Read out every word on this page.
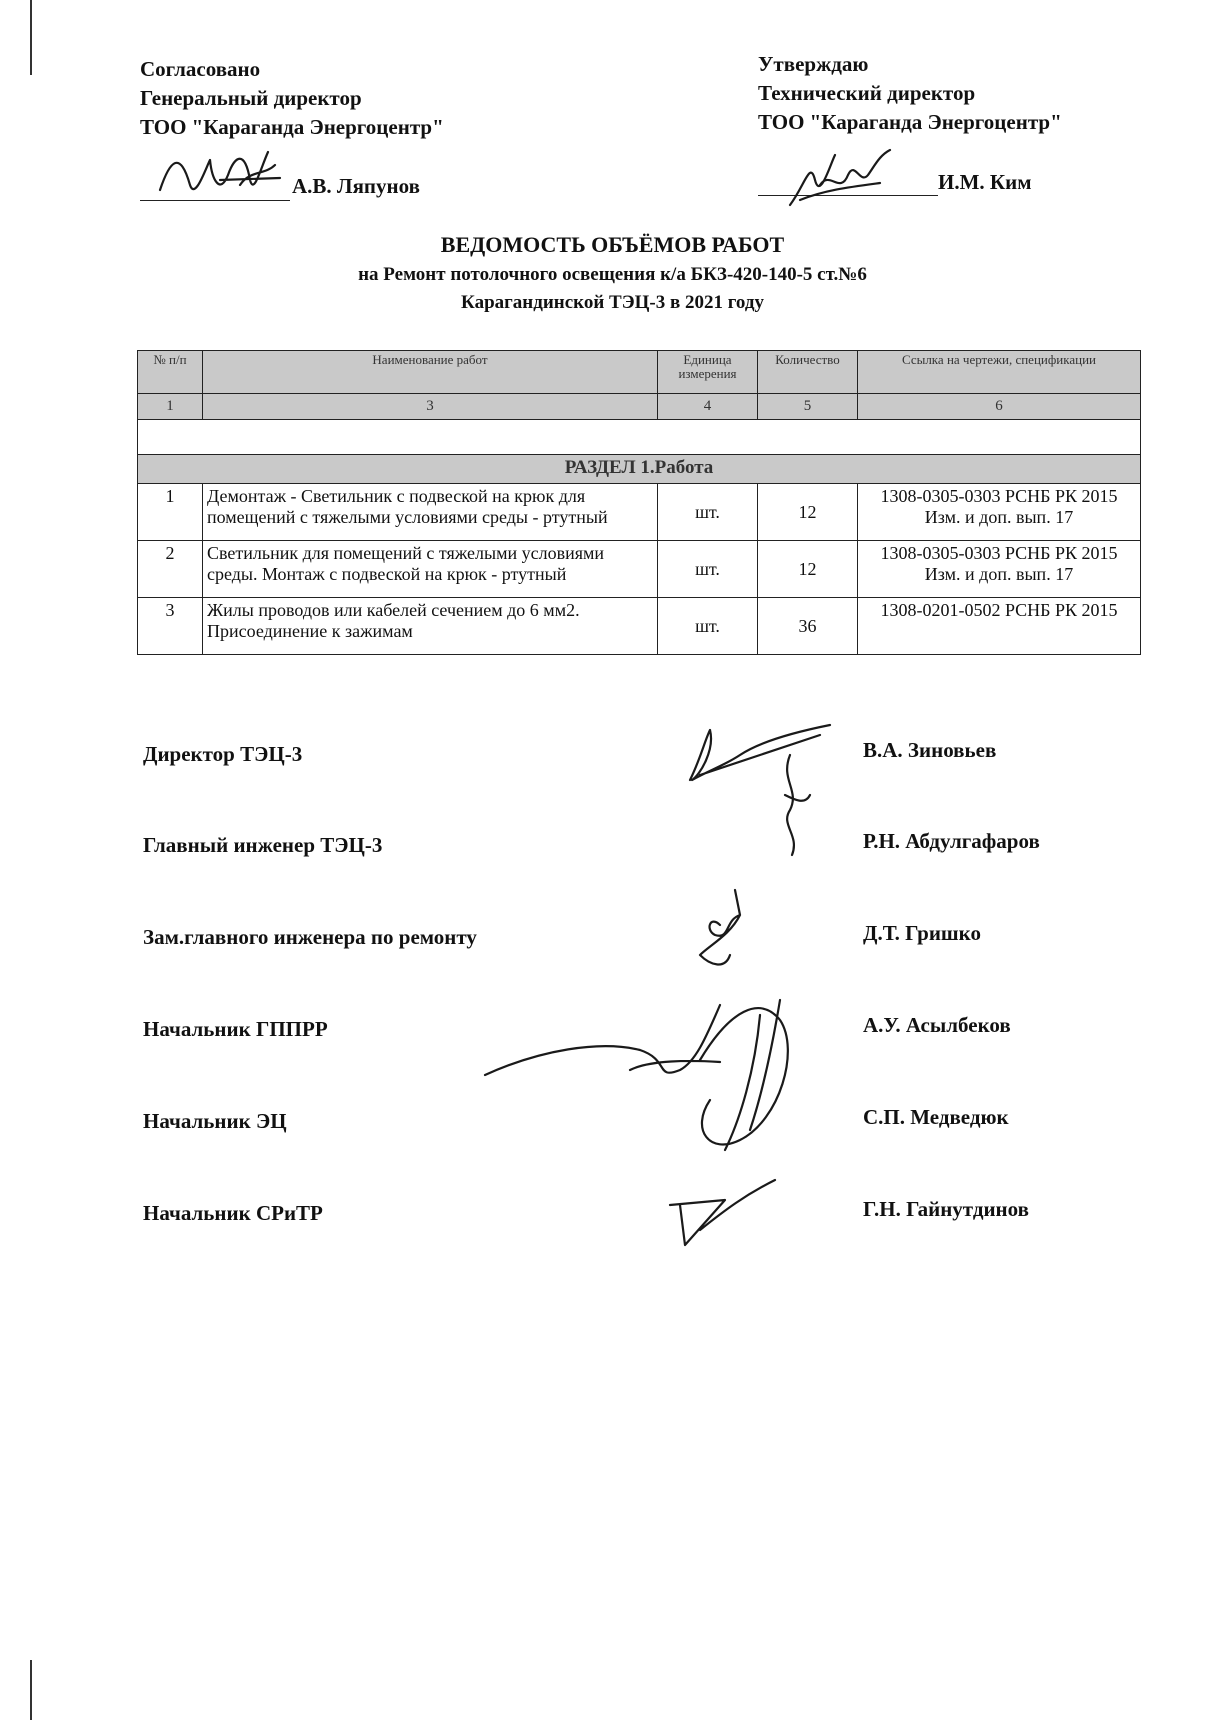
Согласовано
Генеральный директор
ТОО "Караганда Энергоцентр"
А.В. Ляпунов
Утверждаю
Технический директор
ТОО "Караганда Энергоцентр"
И.М. Ким
ВЕДОМОСТЬ ОБЪЁМОВ РАБОТ
на Ремонт потолочного освещения к/а БКЗ-420-140-5 ст.№6
Карагандинской ТЭЦ-3 в 2021 году
№ п/п	Наименование работ	Единица измерения	Количество	Ссылка на чертежи, спецификации
1	3	4	5	6

РАЗДЕЛ 1.Работа				
1	Демонтаж - Светильник с подвеской на крюк для помещений с тяжелыми условиями среды - ртутный	шт.	12	1308-0305-0303 РСНБ РК 2015 Изм. и доп. вып. 17
2	Светильник для помещений с тяжелыми условиями среды. Монтаж с подвеской на крюк - ртутный	шт.	12	1308-0305-0303 РСНБ РК 2015 Изм. и доп. вып. 17
3	Жилы проводов или кабелей сечением до 6 мм2. Присоединение к зажимам	шт.	36	1308-0201-0502 РСНБ РК 2015
Директор ТЭЦ-3	В.А. Зиновьев
Главный инженер ТЭЦ-3	Р.Н. Абдулгафаров
Зам.главного инженера по ремонту	Д.Т. Гришко
Начальник ГППРР	А.У. Асылбеков
Начальник ЭЦ	С.П. Медведюк
Начальник СРиТР	Г.Н. Гайнутдинов
